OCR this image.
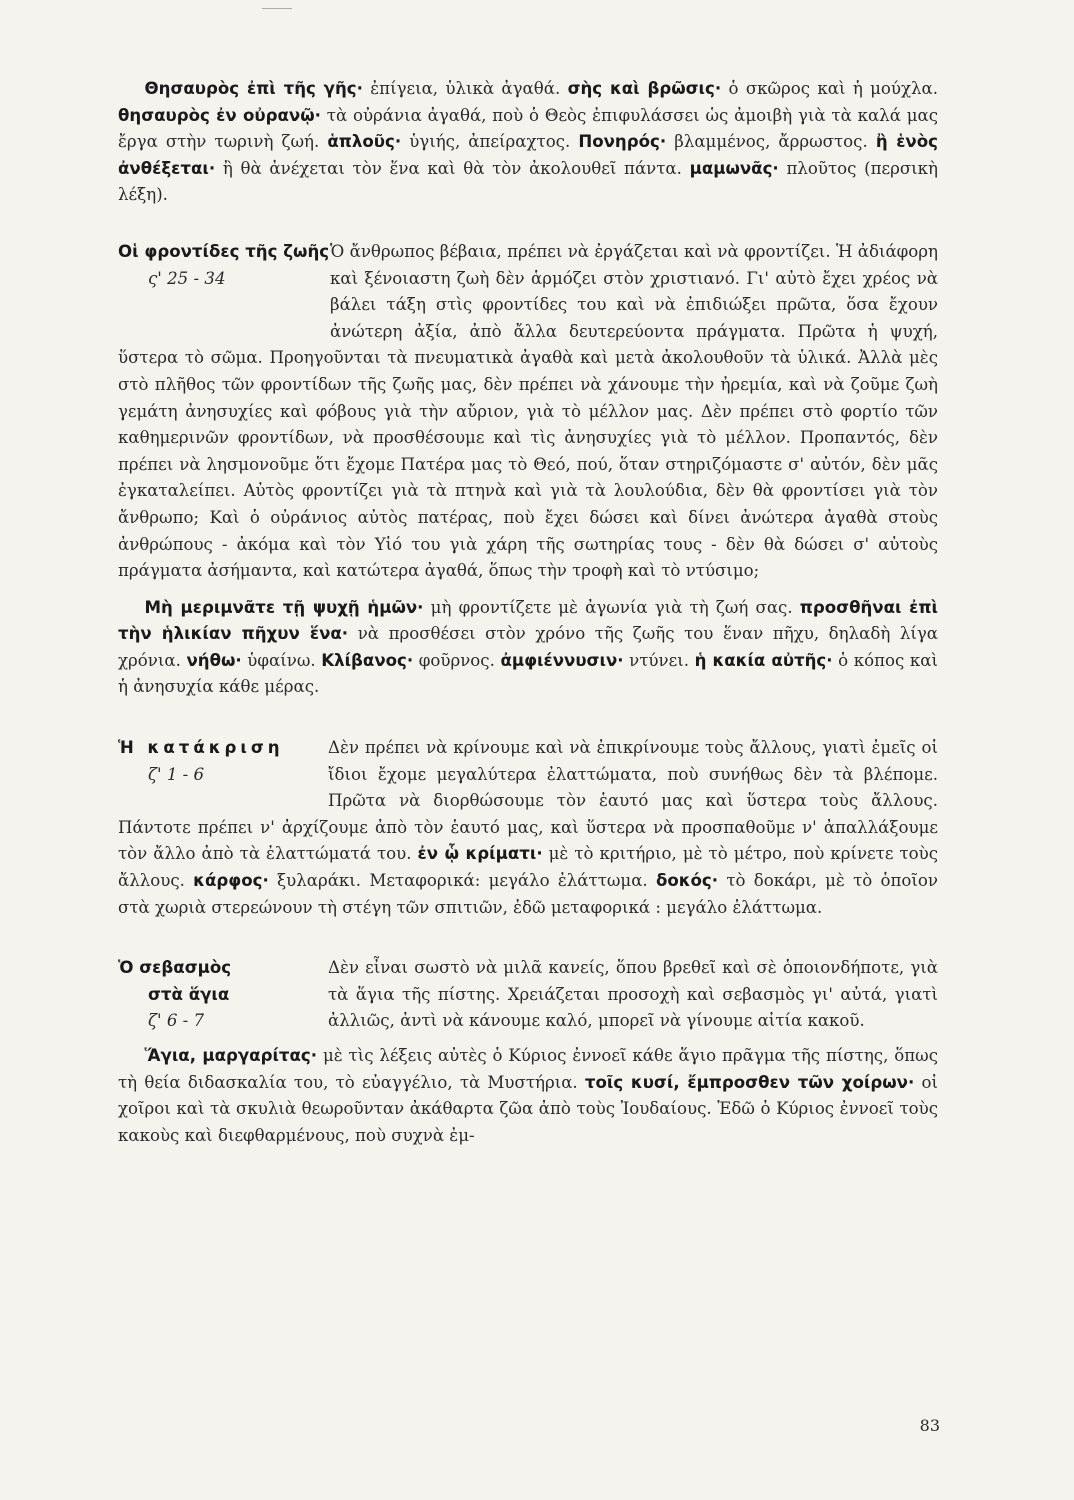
Θησαυρὸς ἐπὶ τῆς γῆς· ἐπίγεια, ὑλικὰ ἀγαθά. σὴς καὶ βρῶσις· ὁ σκῶρος καὶ ἡ μούχλα. θησαυρὸς ἐν οὐρανῷ· τὰ οὐράνια ἀγαθά, ποὺ ὁ Θεὸς ἐπιφυλάσσει ὡς ἀμοιβὴ γιὰ τὰ καλά μας ἔργα στὴν τωρινὴ ζωή. ἁπλοῦς· ὑγιής, ἀπείραχτος. Πονηρός· βλαμμένος, ἄρρωστος. ἢ ἑνὸς ἀνθέξεται· ἢ θὰ ἀνέχεται τὸν ἕνα καὶ θὰ τὸν ἀκολουθεῖ πάντα. μαμωνᾶς· πλοῦτος (περσικὴ λέξη).

Οἱ φροντίδες τῆς ζωῆς
ς' 25 - 34

Ὁ ἄνθρωπος βέβαια, πρέπει νὰ ἐργάζεται καὶ νὰ φροντίζει. Ἡ ἀδιάφορη καὶ ξένοιαστη ζωὴ δὲν ἁρμόζει στὸν χριστιανό. Γι' αὐτὸ ἔχει χρέος νὰ βάλει τάξη στὶς φροντίδες του καὶ νὰ ἐπιδιώξει πρῶτα, ὅσα ἔχουν ἀνώτερη ἀξία, ἀπὸ ἄλλα δευτερεύοντα πράγματα. Πρῶτα ἡ ψυχή, ὕστερα τὸ σῶμα. Προηγοῦνται τὰ πνευματικὰ ἀγαθὰ καὶ μετὰ ἀκολουθοῦν τὰ ὑλικά. Ἀλλὰ μὲς στὸ πλῆθος τῶν φροντίδων τῆς ζωῆς μας, δὲν πρέπει νὰ χάνουμε τὴν ἠρεμία, καὶ νὰ ζοῦμε ζωὴ γεμάτη ἀνησυχίες καὶ φόβους γιὰ τὴν αὔριον, γιὰ τὸ μέλλον μας. Δὲν πρέπει στὸ φορτίο τῶν καθημερινῶν φροντίδων, νὰ προσθέσουμε καὶ τὶς ἀνησυχίες γιὰ τὸ μέλλον. Προπαντός, δὲν πρέπει νὰ λησμονοῦμε ὅτι ἔχομε Πατέρα μας τὸ Θεό, πού, ὅταν στηριζόμαστε σ' αὐτόν, δὲν μᾶς ἐγκαταλείπει. Αὐτὸς φροντίζει γιὰ τὰ πτηνὰ καὶ γιὰ τὰ λουλούδια, δὲν θὰ φροντίσει γιὰ τὸν ἄνθρωπο; Καὶ ὁ οὐράνιος αὐτὸς πατέρας, ποὺ ἔχει δώσει καὶ δίνει ἀνώτερα ἀγαθὰ στοὺς ἀνθρώπους - ἀκόμα καὶ τὸν Υἱό του γιὰ χάρη τῆς σωτηρίας τους - δὲν θὰ δώσει σ' αὐτοὺς πράγματα ἀσήμαντα, καὶ κατώτερα ἀγαθά, ὅπως τὴν τροφὴ καὶ τὸ ντύσιμο;

Μὴ μεριμνᾶτε τῇ ψυχῇ ἡμῶν· μὴ φροντίζετε μὲ ἀγωνία γιὰ τὴ ζωή σας. προσθῆναι ἐπὶ τὴν ἡλικίαν πῆχυν ἕνα· νὰ προσθέσει στὸν χρόνο τῆς ζωῆς του ἕναν πῆχυ, δηλαδὴ λίγα χρόνια. νήθω· ὑφαίνω. Κλίβανος· φοῦρνος. ἀμφιέννυσιν· ντύνει. ἡ κακία αὐτῆς· ὁ κόπος καὶ ἡ ἀνησυχία κάθε μέρας.

Ἡ κατάκριση
ζ' 1 - 6

Δὲν πρέπει νὰ κρίνουμε καὶ νὰ ἐπικρίνουμε τοὺς ἄλλους, γιατὶ ἐμεῖς οἱ ἴδιοι ἔχομε μεγαλύτερα ἐλαττώματα, ποὺ συνήθως δὲν τὰ βλέπομε. Πρῶτα νὰ διορθώσουμε τὸν ἑαυτό μας καὶ ὕστερα τοὺς ἄλλους. Πάντοτε πρέπει ν' ἀρχίζουμε ἀπὸ τὸν ἑαυτό μας, καὶ ὕστερα νὰ προσπαθοῦμε ν' ἀπαλλάξουμε τὸν ἄλλο ἀπὸ τὰ ἐλαττώματά του. ἐν ᾧ κρίματι· μὲ τὸ κριτήριο, μὲ τὸ μέτρο, ποὺ κρίνετε τοὺς ἄλλους. κάρφος· ξυλαράκι. Μεταφορικά: μεγάλο ἐλάττωμα. δοκός· τὸ δοκάρι, μὲ τὸ ὁποῖον στὰ χωριὰ στερεώνουν τὴ στέγη τῶν σπιτιῶν, ἐδῶ μεταφορικά : μεγάλο ἐλάττωμα.

Ὁ σεβασμὸς
στὰ ἅγια
ζ' 6 - 7

Δὲν εἶναι σωστὸ νὰ μιλᾶ κανείς, ὅπου βρεθεῖ καὶ σὲ ὁποιονδήποτε, γιὰ τὰ ἅγια τῆς πίστης. Χρειάζεται προσοχὴ καὶ σεβασμὸς γι' αὐτά, γιατὶ ἀλλιῶς, ἀντὶ νὰ κάνουμε καλό, μπορεῖ νὰ γίνουμε αἰτία κακοῦ.

Ἅγια, μαργαρίτας· μὲ τὶς λέξεις αὐτὲς ὁ Κύριος ἐννοεῖ κάθε ἅγιο πρᾶγμα τῆς πίστης, ὅπως τὴ θεία διδασκαλία του, τὸ εὐαγγέλιο, τὰ Μυστήρια. τοῖς κυσί, ἔμπροσθεν τῶν χοίρων· οἱ χοῖροι καὶ τὰ σκυλιὰ θεωροῦνταν ἀκάθαρτα ζῶα ἀπὸ τοὺς Ἰουδαίους. Ἐδῶ ὁ Κύριος ἐννοεῖ τοὺς κακοὺς καὶ διεφθαρμένους, ποὺ συχνὰ ἐμ-

83
